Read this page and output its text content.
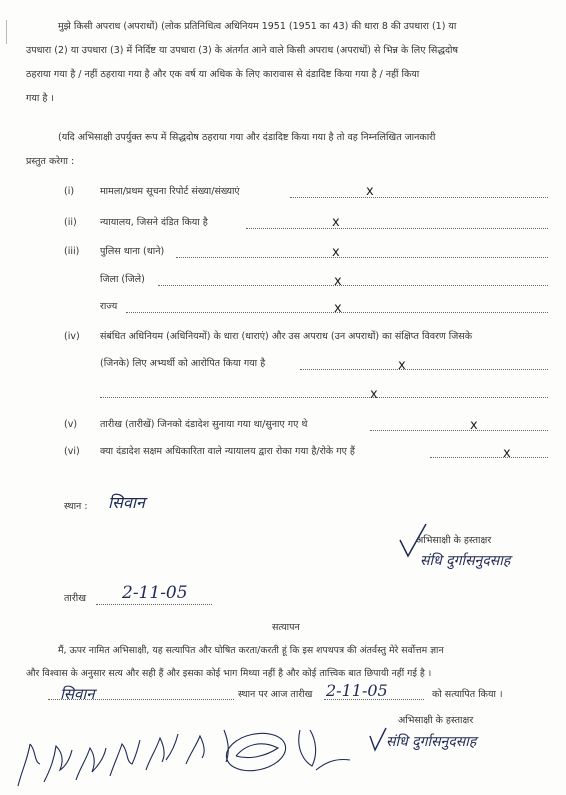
मुझे किसी अपराध (अपराधों) (लोक प्रतिनिधित्व अधिनियम 1951 (1951 का 43) की धारा 8 की उपधारा (1) या
उपधारा (2) या उपधारा (3) में निर्दिष्ट या उपधारा (3) के अंतर्गत आने वाले किसी अपराध (अपराधों) से भिन्न के लिए सिद्धदोष
ठहराया गया है / नहीं ठहराया गया है और एक वर्ष या अधिक के लिए कारावास से दंडादिष्ट किया गया है / नहीं किया
गया है ।
(यदि अभिसाक्षी उपर्युक्त रूप में सिद्धदोष ठहराया गया और दंडादिष्ट किया गया है तो वह निम्नलिखित जानकारी
प्रस्तुत करेगा :
(i)	मामला/प्रथम सूचना रिपोर्ट संख्या/संख्याएं	x
(ii) न्यायालय, जिसने दंडित किया है	x
(iii) पुलिस थाना (थाने)	x
जिला (जिले)	x
राज्य	x
(iv) संबंधित अधिनियम (अधिनियमों) के धारा (धाराएं) और उस अपराध (उन अपराधों) का संक्षिप्त विवरण जिसके
(जिनके) लिए अभ्यर्थी को आरोपित किया गया है	x
x
(v) तारीख (तारीखें) जिनको दंडादेश सुनाया गया था/सुनाए गए थे	x
(vi) क्या दंडादेश सक्षम अधिकारिता वाले न्यायालय द्वारा रोका गया है/रोके गए हैं	x
स्थान : सिवान
अभिसाक्षी के हस्ताक्षर
संधि दुर्गासनुदसाह
तारीख 2-11-05
सत्यापन
मैं, ऊपर नामित अभिसाक्षी, यह सत्यापित और घोषित करता/करती हूं कि इस शपथपत्र की अंतर्वस्तु मेरे सर्वोत्तम ज्ञान
और विश्वास के अनुसार सत्य और सही हैं और इसका कोई भाग मिथ्या नहीं है और कोई तात्त्विक बात छिपायी नहीं गई है ।
सिवान	स्थान पर आज तारीख 2-11-05	को सत्यापित किया ।
अभिसाक्षी के हस्ताक्षर
संधि दुर्गासनुदसाह
